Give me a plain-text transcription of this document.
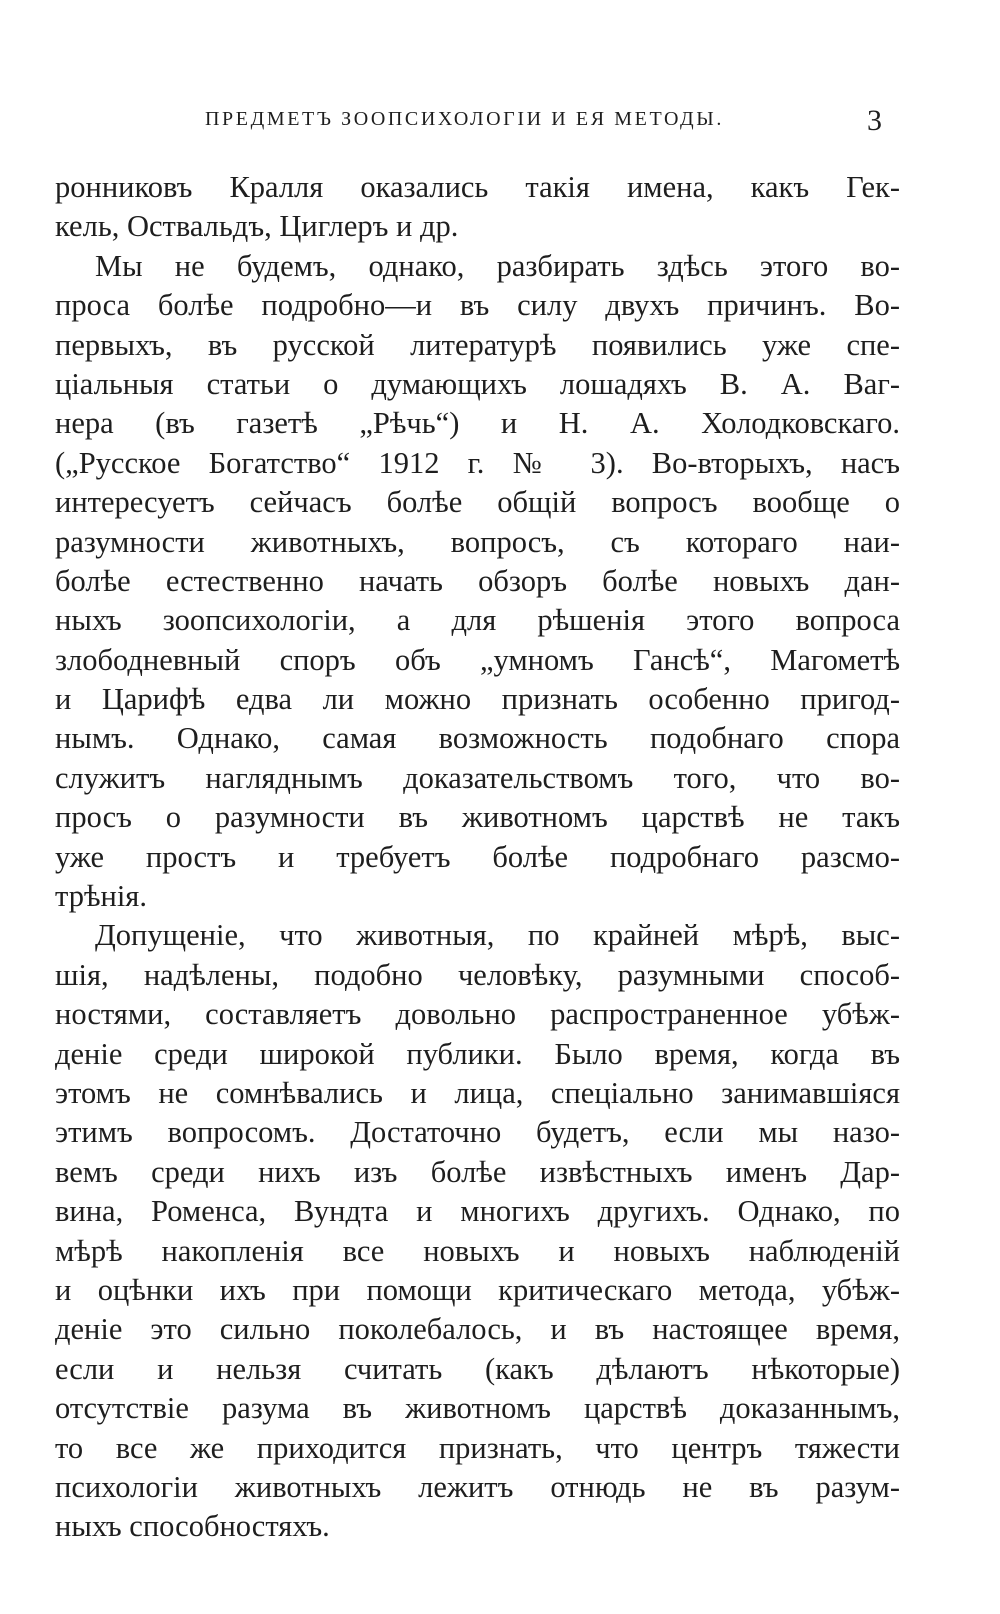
ПРЕДМЕТЪ ЗООПСИХОЛОГІИ И ЕЯ МЕТОДЫ.	3
ронниковъ Кралля оказались такія имена, какъ Гек-
кель, Оствальдъ, Циглеръ и др.
Мы не будемъ, однако, разбирать здѣсь этого во-
проса болѣе подробно—и въ силу двухъ причинъ. Во-
первыхъ, въ русской литературѣ появились уже спе-
ціальныя статьи о думающихъ лошадяхъ В. А. Ваг-
нера (въ газетѣ „Рѣчь“) и Н. А. Холодковскаго.
(„Русское Богатство“ 1912 г. № 3). Во-вторыхъ, насъ
интересуетъ сейчасъ болѣе общій вопросъ вообще о
разумности животныхъ, вопросъ, съ котораго наи-
болѣе естественно начать обзоръ болѣе новыхъ дан-
ныхъ зоопсихологіи, а для рѣшенія этого вопроса
злободневный споръ объ „умномъ Гансѣ“, Магометѣ
и Царифѣ едва ли можно признать особенно пригод-
нымъ. Однако, самая возможность подобнаго спора
служитъ нагляднымъ доказательствомъ того, что во-
просъ о разумности въ животномъ царствѣ не такъ
уже простъ и требуетъ болѣе подробнаго разсмо-
трѣнія.
Допущеніе, что животныя, по крайней мѣрѣ, выс-
шія, надѣлены, подобно человѣку, разумными способ-
ностями, составляетъ довольно распространенное убѣж-
деніе среди широкой публики. Было время, когда въ
этомъ не сомнѣвались и лица, спеціально занимавшіяся
этимъ вопросомъ. Достаточно будетъ, если мы назо-
вемъ среди нихъ изъ болѣе извѣстныхъ именъ Дар-
вина, Роменса, Вундта и многихъ другихъ. Однако, по
мѣрѣ накопленія все новыхъ и новыхъ наблюденій
и оцѣнки ихъ при помощи критическаго метода, убѣж-
деніе это сильно поколебалось, и въ настоящее время,
если и нельзя считать (какъ дѣлаютъ нѣкоторые)
отсутствіе разума въ животномъ царствѣ доказаннымъ,
то все же приходится признать, что центръ тяжести
психологіи животныхъ лежитъ отнюдь не въ разум-
ныхъ способностяхъ.
